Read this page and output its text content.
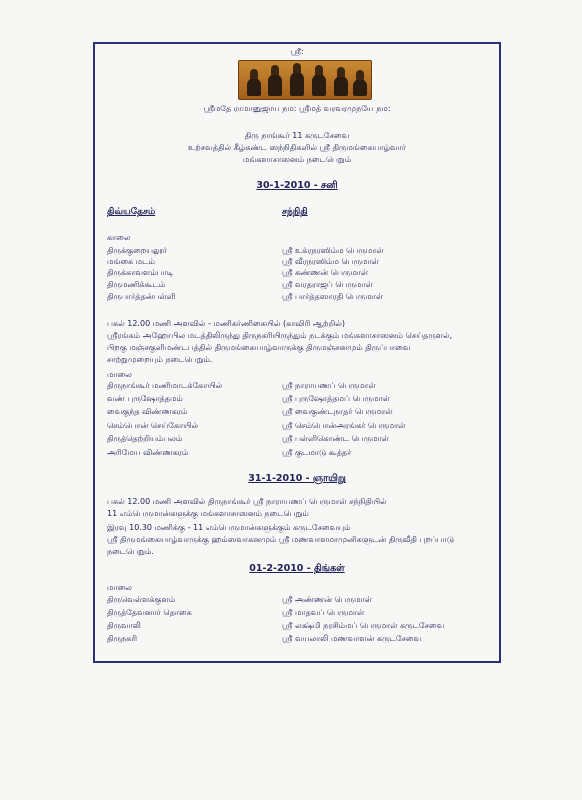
ஸ்ரீ:
ஸ்ரீமதே ராமானுஜாய நம: ஸ்ரீமத் வரவரமுநயே நம:
திரு நாங்கூர் 11 கருடசேவை
உற்சவத்தில் கீழ்கண்ட ஸந்நிதிகளில் ஸ்ரீ திருமங்கையாழ்வார்
மங்களாசாஸனம் நடைபெறும்
30-1-2010 - சனி
திவ்யதேசம்	சந்நிதி
காலை
திருக்குறையலூர்	ஸ்ரீ உக்ரநரஸிம்ம பெருமாள்
மங்கை மடம்	ஸ்ரீ வீரநரஸிம்ம பெருமாள்
திருக்காவளம்பாடி	ஸ்ரீ கண்ணன் பெருமாள்
திருமணிக்கூடம்	ஸ்ரீ வரதராஜப் பெருமாள்
திருபார்த்தன்பள்ளி	ஸ்ரீ பார்த்தஸாரதி பெருமாள்
பகல் 12.00 மணி அளவில் - மணிகர்ணிகையில் (காவிரி ஆற்றில்)
ஸ்ரீரங்கம் அஹோபில மடத்திலிருந்து திருநகரியிருந்தும் நடக்கும் மங்களாசாஸனம் செய்தருளல்,
பிறகு மஞ்சகுளிமண்டபத்தில் திருமங்கையாழ்வாருக்கு திருமஞ்சனமும் திருப்பாவை
சாற்றுமுறையும் நடைபெறும்.
மாலை
திருநாங்கூர் மணிமாடக்கோயில்	ஸ்ரீ நாராயணப் பெருமாள்
வண் புருஷோத்தமம்	ஸ்ரீ புருஷோத்தமப் பெருமாள்
வைகுந்த விண்ணகரம்	ஸ்ரீ வைகுண்டநாதர் பெருமாள்
செம்பொன் செய்கோயில்	ஸ்ரீ செம்பொன்அரங்கர் பெருமாள்
திருத்தெற்றியம்பலம்	ஸ்ரீ பள்ளிகொண்ட பெருமாள்
அரிமேய விண்ணகரம்	ஸ்ரீ குடமாடு கூத்தர்
31-1-2010 - ஞாயிறு
பகல் 12.00 மணி அளவில் திருநாங்கூர் ஸ்ரீ நாராயணப் பெருமாள் சந்நிதியில்
11 எம்பெருமான்களுக்கு மங்களாசாஸனம் நடைபெறும்
இரவு 10.30 மணிக்கு - 11 எம்பெருமான்களுக்கும் கருடசேவையும்
ஸ்ரீ திருமங்கையாழ்வாருக்கு ஹம்ஸவாகனமும் ஸ்ரீ மணவாளமாமுனிகளுடன் திருவீதி புறப்பாடு
நடைபெறும்.
01-2-2010 - திங்கள்
மாலை
திருவெள்ளக்குளம்	ஸ்ரீ அண்ணன் பெருமாள்
திருத்தேவனார் தொகை	ஸ்ரீ மாதவப் பெருமாள்
திருவாலி	ஸ்ரீ லக்ஷ்மி நரசிம்மப் பெருமாள் கருடசேவை
திருநகரி	ஸ்ரீ வயலாலி மணவாளன் கருடசேவை
